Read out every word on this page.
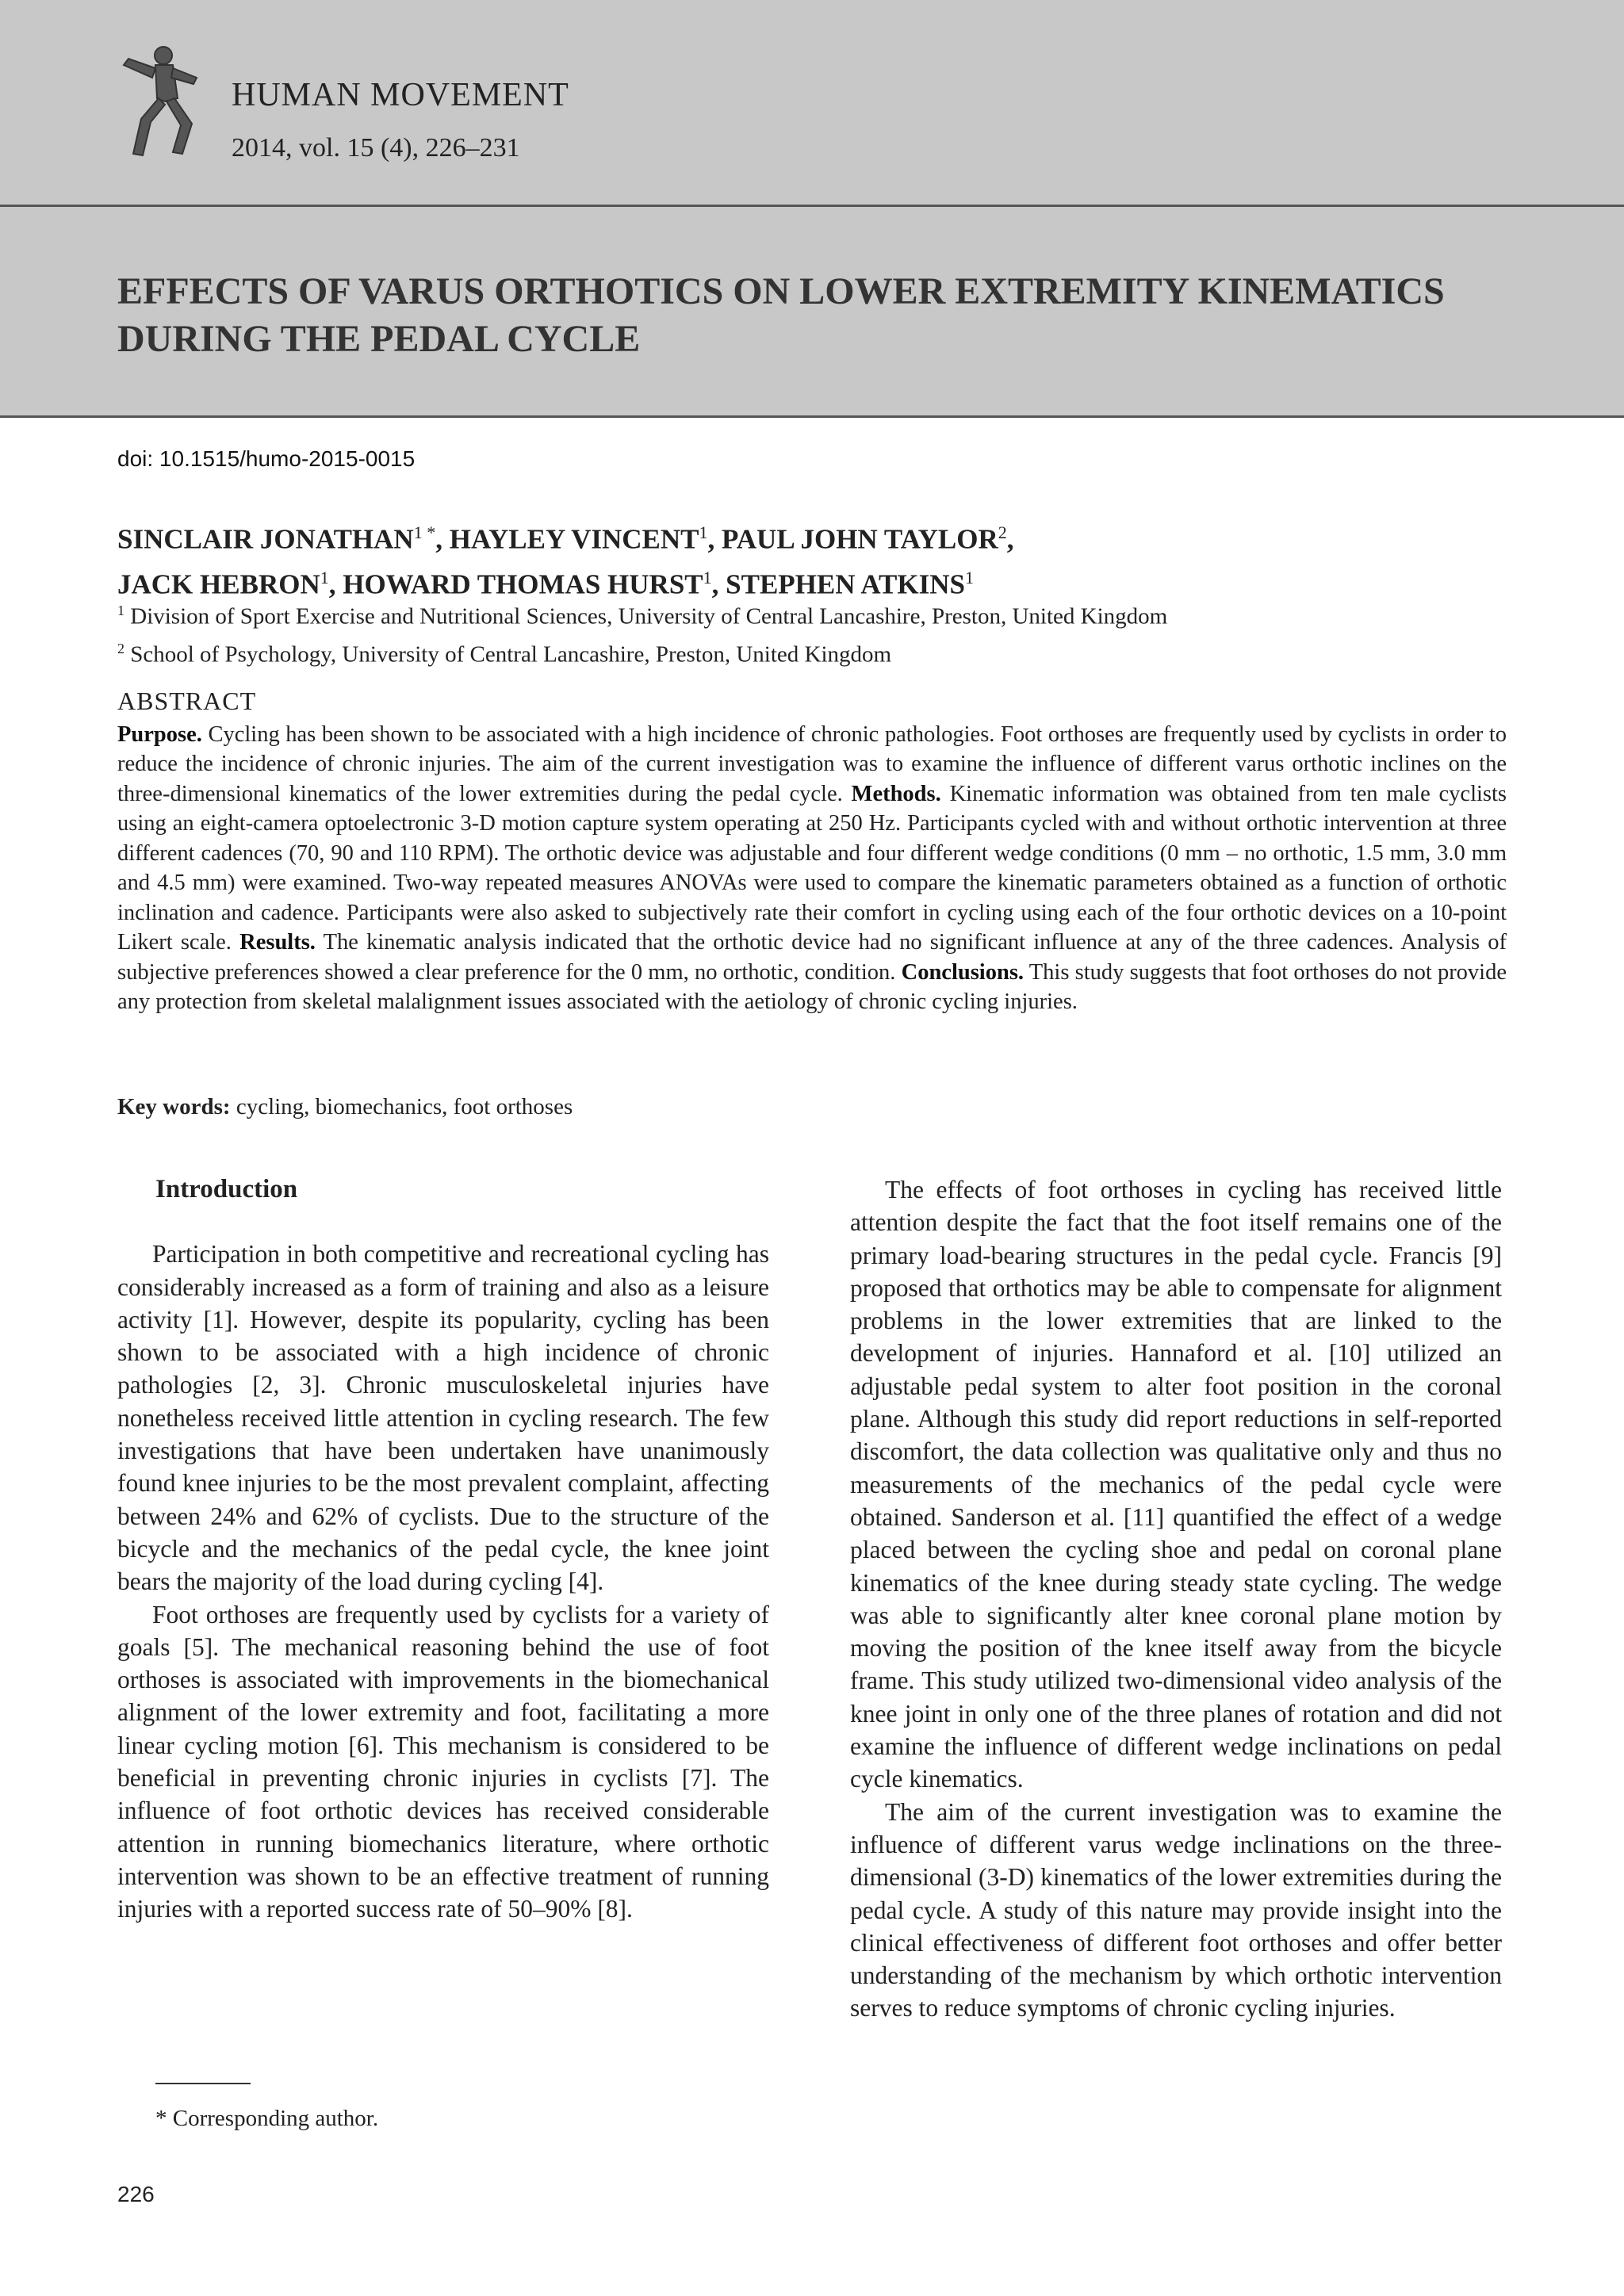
HUMAN MOVEMENT
2014, vol. 15 (4), 226–231
EFFECTS OF VARUS ORTHOTICS ON LOWER EXTREMITY KINEMATICS DURING THE PEDAL CYCLE
doi: 10.1515/humo-2015-0015
SINCLAIR $JONATHAN^{1 *}$, HAYLEY VINCENT$^1$, PAUL JOHN TAYLOR$^2$,
JACK HEBRON$^1$, HOWARD THOMAS HURST$^1$, STEPHEN ATKINS$^1$
$^1$ Division of Sport Exercise and Nutritional Sciences, University of Central Lancashire, Preston, United Kingdom
$^2$ School of Psychology, University of Central Lancashire, Preston, United Kingdom
ABSTRACT
Purpose. Cycling has been shown to be associated with a high incidence of chronic pathologies. Foot orthoses are frequently used by cyclists in order to reduce the incidence of chronic injuries. The aim of the current investigation was to examine the influence of different varus orthotic inclines on the three-dimensional kinematics of the lower extremities during the pedal cycle. Methods. Kinematic information was obtained from ten male cyclists using an eight-camera optoelectronic 3-D motion capture system operating at 250 Hz. Participants cycled with and without orthotic intervention at three different cadences (70, 90 and 110 RPM). The orthotic device was adjustable and four different wedge conditions (0 mm – no orthotic, 1.5 mm, 3.0 mm and 4.5 mm) were examined. Two-way repeated measures ANOVAs were used to compare the kinematic parameters obtained as a function of orthotic inclination and cadence. Participants were also asked to subjectively rate their comfort in cycling using each of the four orthotic devices on a 10-point Likert scale. Results. The kinematic analysis indicated that the orthotic device had no significant influence at any of the three cadences. Analysis of subjective preferences showed a clear preference for the 0 mm, no orthotic, condition. Conclusions. This study suggests that foot orthoses do not provide any protection from skeletal malalignment issues associated with the aetiology of chronic cycling injuries.
Key words: cycling, biomechanics, foot orthoses
Introduction

Participation in both competitive and recreational cycling has considerably increased as a form of training and also as a leisure activity [1]. However, despite its popularity, cycling has been shown to be associated with a high incidence of chronic pathologies [2, 3]. Chronic musculoskeletal injuries have nonetheless received little attention in cycling research. The few investigations that have been undertaken have unanimously found knee injuries to be the most prevalent complaint, affecting between 24% and 62% of cyclists. Due to the structure of the bicycle and the mechanics of the pedal cycle, the knee joint bears the majority of the load during cycling [4].

Foot orthoses are frequently used by cyclists for a variety of goals [5]. The mechanical reasoning behind the use of foot orthoses is associated with improvements in the biomechanical alignment of the lower extremity and foot, facilitating a more linear cycling motion [6]. This mechanism is considered to be beneficial in preventing chronic injuries in cyclists [7]. The influence of foot orthotic devices has received considerable attention in running biomechanics literature, where orthotic intervention was shown to be an effective treatment of running injuries with a reported success rate of 50–90% [8].

The effects of foot orthoses in cycling has received little attention despite the fact that the foot itself remains one of the primary load-bearing structures in the pedal cycle. Francis [9] proposed that orthotics may be able to compensate for alignment problems in the lower extremities that are linked to the development of injuries. Hannaford et al. [10] utilized an adjustable pedal system to alter foot position in the coronal plane. Although this study did report reductions in self-reported discomfort, the data collection was qualitative only and thus no measurements of the mechanics of the pedal cycle were obtained. Sanderson et al. [11] quantified the effect of a wedge placed between the cycling shoe and pedal on coronal plane kinematics of the knee during steady state cycling. The wedge was able to significantly alter knee coronal plane motion by moving the position of the knee itself away from the bicycle frame. This study utilized two-dimensional video analysis of the knee joint in only one of the three planes of rotation and did not examine the influence of different wedge inclinations on pedal cycle kinematics.

The aim of the current investigation was to examine the influence of different varus wedge inclinations on the three-dimensional (3-D) kinematics of the lower extremities during the pedal cycle. A study of this nature may provide insight into the clinical effectiveness of different foot orthoses and offer better understanding of the mechanism by which orthotic intervention serves to reduce symptoms of chronic cycling injuries.

* Corresponding author.
226
